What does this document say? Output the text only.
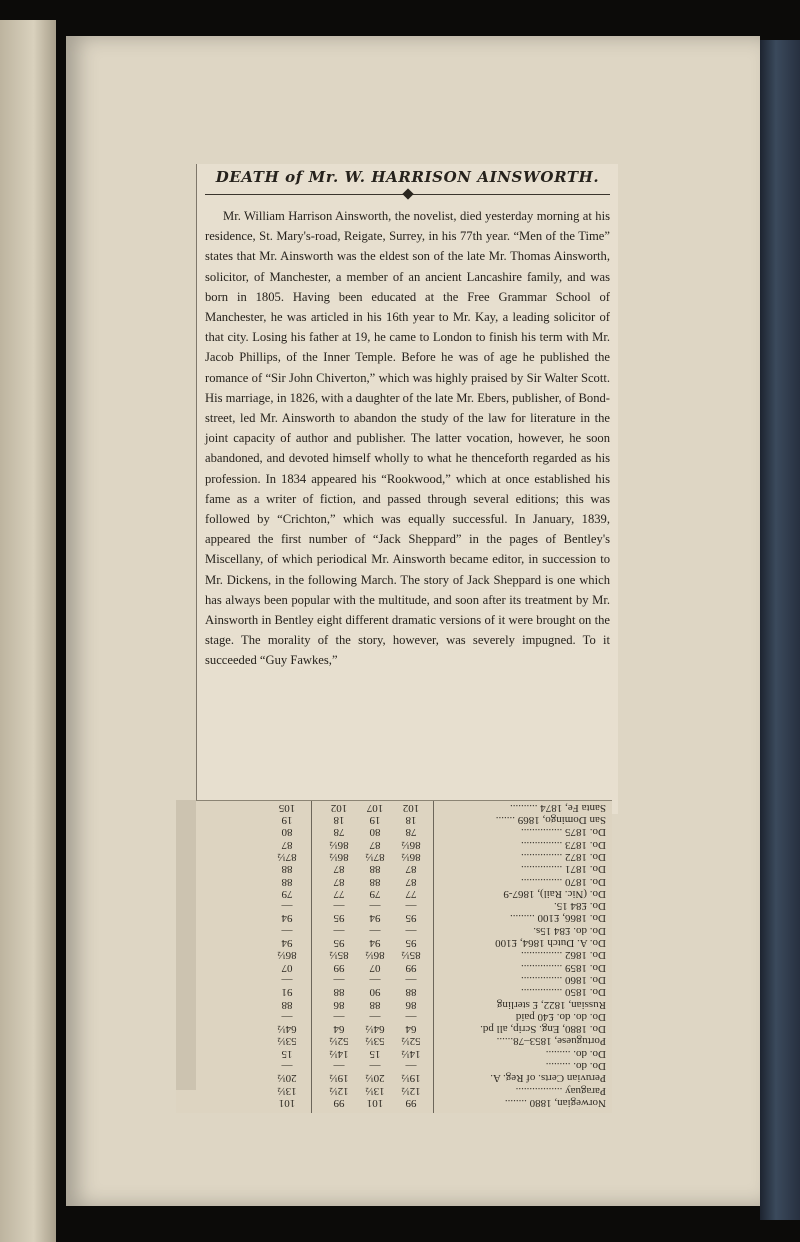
DEATH of Mr. W. HARRISON AINSWORTH.

Mr. William Harrison Ainsworth, the novelist, died yesterday morning at his residence, St. Mary's-road, Reigate, Surrey, in his 77th year. “Men of the Time” states that Mr. Ainsworth was the eldest son of the late Mr. Thomas Ainsworth, solicitor, of Manchester, a member of an ancient Lancashire family, and was born in 1805. Having been educated at the Free Grammar School of Manchester, he was articled in his 16th year to Mr. Kay, a leading solicitor of that city. Losing his father at 19, he came to London to finish his term with Mr. Jacob Phillips, of the Inner Temple. Before he was of age he published the romance of “Sir John Chiverton,” which was highly praised by Sir Walter Scott. His marriage, in 1826, with a daughter of the late Mr. Ebers, publisher, of Bond-street, led Mr. Ainsworth to abandon the study of the law for literature in the joint capacity of author and publisher. The latter vocation, however, he soon abandoned, and devoted himself wholly to what he thenceforth regarded as his profession. In 1834 appeared his “Rookwood,” which at once established his fame as a writer of fiction, and passed through several editions; this was followed by “Crichton,” which was equally successful. In January, 1839, appeared the first number of “Jack Sheppard” in the pages of Bentley's Miscellany, of which periodical Mr. Ainsworth became editor, in succession to Mr. Dickens, in the following March. The story of Jack Sheppard is one which has always been popular with the multitude, and soon after its treatment by Mr. Ainsworth in Bentley eight different dramatic versions of it were brought on the stage. The morality of the story, however, was severely impugned. To it succeeded “Guy Fawkes,”

Norwegian, 1880 ........
99
101
99
101
Paraguay .................
12½
13½
12½
13½
Peruvian Certs. of Reg. A.
19½
20½
19½
20½
Do. do. .........
—
—
—
—
Do. do. .........
14½
15
14½
15
Portuguese, 1853–78......
52½
53½
52½
53½
Do. 1880, Eng. Scrip, all pd.
64
64½
64
64½
Do. do. do. £40 paid
—
—
—
—
Russian, 1822, £ sterling
86
88
86
88
Do. 1850 ...............
88
90
88
91
Do. 1860 ...............
—
—
—
—
Do. 1859 ...............
99
07
99
07
Do. 1862 ...............
85½
86½
85½
86½
Do. A. Dutch 1864, £100
95
94
95
94
Do. do. £84 15s.
—
—
—
—
Do. 1866, £100 .........
95
94
95
94
Do. £84 15.
—
—
—
—
Do. (Nic. Rail), 1867-9
77
79
77
79
Do. 1870 ...............
87
88
87
88
Do. 1871 ...............
87
88
87
88
Do. 1872 ...............
86½
87½
86½
87½
Do. 1873 ...............
86½
87
86½
87
Do. 1875 ...............
78
80
78
80
San Domingo, 1869 .......
18
19
18
19
Santa Fe, 1874 ..........
102
107
102
105
